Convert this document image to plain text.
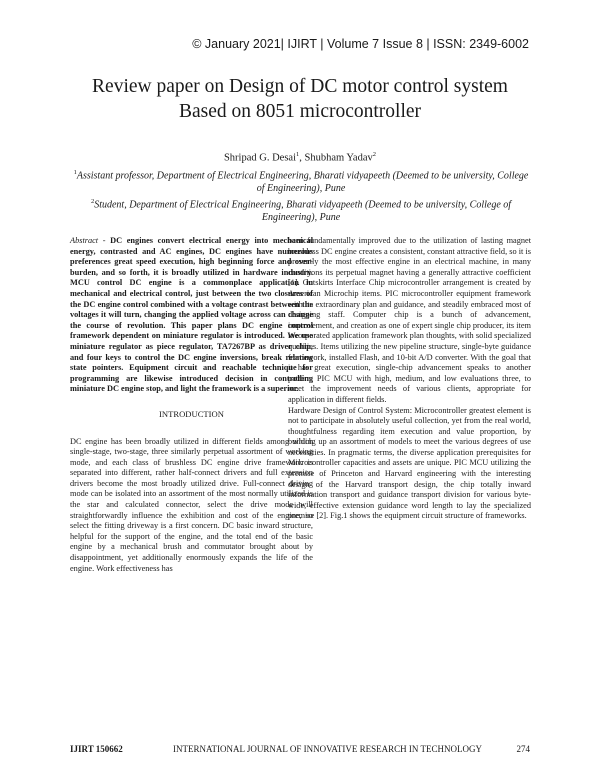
© January 2021| IJIRT | Volume 7 Issue 8 | ISSN: 2349-6002
Review paper on Design of DC motor control system
Based on 8051 microcontroller
Shripad G. Desai$^1$, Shubham Yadav$^2$
$^1$Assistant professor, Department of Electrical Engineering, Bharati vidyapeeth (Deemed to be university, College of Engineering), Pune
$^2$Student, Department of Electrical Engineering, Bharati vidyapeeth (Deemed to be university, College of Engineering), Pune

Abstract - DC engines convert electrical energy into mechanical energy, contrasted and AC engines, DC engines have numerous preferences great speed execution, high beginning force and over-burden, and so forth, it is broadly utilized in hardware industry. MCU control DC engine is a commonplace application in mechanical and electrical control, just between the two closures of the DC engine control combined with a voltage contrast between the voltages it will turn, changing the applied voltage across can change the course of revolution. This paper plans DC engine control framework dependent on miniature regulator is introduced. We use miniature regulator as piece regulator, TA7267BP as driver chip, and four keys to control the DC engine inversions, break relating state pointers. Equipment circuit and reachable technique for programming are likewise introduced decision in controlling miniature DC engine stop, and light the framework is a superior.

INTRODUCTION

DC engine has been broadly utilized in different fields among which single-stage, two-stage, three similarly perpetual assortment of working mode, and each class of brushless DC engine drive framework is separated into different, rather half-connect drivers and full extension drivers become the most broadly utilized drive. Full-connect driving mode can be isolated into an assortment of the most normally utilized is the star and calculated connector, select the drive mode will straightforwardly influence the exhibition and cost of the engine, so select the fitting driveway is a first concern. DC basic inward structure, helpful for the support of the engine, and the total end of the basic engine by a mechanical brush and commutator brought about by disappointment, yet additionally enormously expands the life of the engine. Work effectiveness has

been fundamentally improved due to the utilization of lasting magnet brushless DC engine creates a consistent, constant attractive field, so it is presently the most effective engine in an electrical machine, in many conditions its perpetual magnet having a generally attractive coefficient [1]. Outskirts Interface Chip microcontroller arrangement is created by American Microchip items. PIC microcontroller equipment framework with its extraordinary plan and guidance, and steadily embraced most of designing staff. Computer chip is a bunch of advancement, improvement, and creation as one of expert single chip producer, its item incorporated application framework plan thoughts, with solid specialized qualities. Items utilizing the new pipeline structure, single-byte guidance framework, installed Flash, and 10-bit A/D converter. With the goal that it has great execution, single-chip advancement speaks to another pattern. PIC MCU with high, medium, and low evaluations three, to meet the improvement needs of various clients, appropriate for application in different fields.

Hardware Design of Control System: Microcontroller greatest element is not to participate in absolutely useful collection, yet from the real world, thoughtfulness regarding item execution and value proportion, by building up an assortment of models to meet the various degrees of use necessities. In pragmatic terms, the diverse application prerequisites for Microcontroller capacities and assets are unique. PIC MCU utilizing the premise of Princeton and Harvard engineering with the interesting design of the Harvard transport design, the chip totally inward information transport and guidance transport division for various byte-wide, effective extension guidance word length to lay the specialized premise [2]. Fig.1 shows the equipment circuit structure of frameworks.

IJIRT 150662	INTERNATIONAL JOURNAL OF INNOVATIVE RESEARCH IN TECHNOLOGY	274
